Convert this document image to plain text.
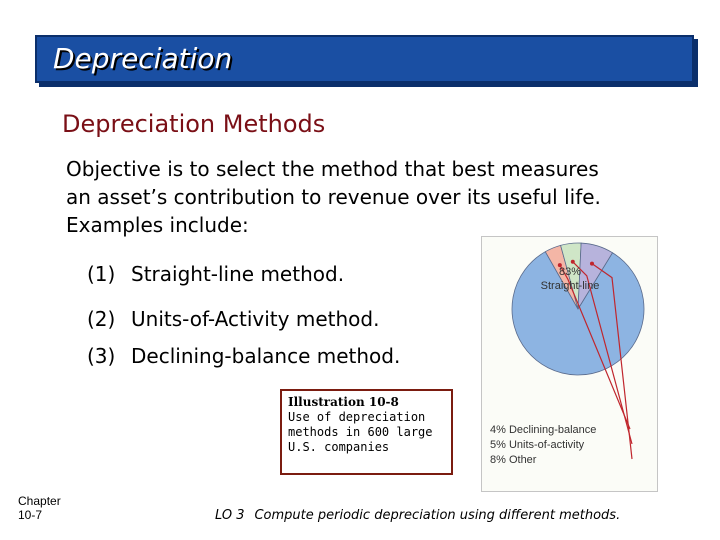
Depreciation
Depreciation Methods
Objective is to select the method that best measures
an asset’s contribution to revenue over its useful life.
Examples include:
(1) Straight-line method.
(2) Units-of-Activity method.
(3) Declining-balance method.
Illustration 10-8
Use of depreciation
methods in 600 large
U.S. companies
83%
Straight-line
4% Declining-balance
5% Units-of-activity
8% Other
Chapter
10-7	LO 3 Compute periodic depreciation using different methods.
